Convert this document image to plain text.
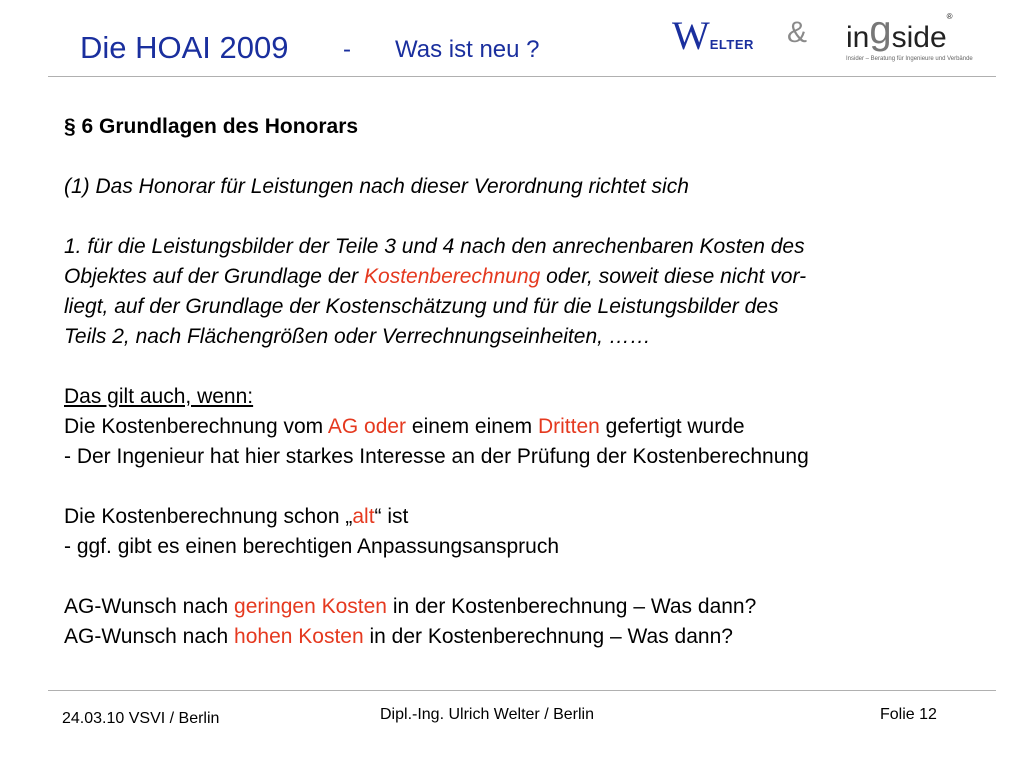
Die HOAI 2009 - Was ist neu ?	WELTER & ingside®
Insider – Beratung für Ingenieure und Verbände
§ 6 Grundlagen des Honorars
(1) Das Honorar für Leistungen nach dieser Verordnung richtet sich
1. für die Leistungsbilder der Teile 3 und 4 nach den anrechenbaren Kosten des
Objektes auf der Grundlage der Kostenberechnung oder, soweit diese nicht vor-
liegt, auf der Grundlage der Kostenschätzung und für die Leistungsbilder des
Teils 2, nach Flächengrößen oder Verrechnungseinheiten, ……
Das gilt auch, wenn:
Die Kostenberechnung vom AG oder einem einem Dritten gefertigt wurde
- Der Ingenieur hat hier starkes Interesse an der Prüfung der Kostenberechnung
Die Kostenberechnung schon „alt“ ist
- ggf. gibt es einen berechtigen Anpassungsanspruch
AG-Wunsch nach geringen Kosten in der Kostenberechnung – Was dann?
AG-Wunsch nach hohen Kosten in der Kostenberechnung – Was dann?
24.03.10 VSVI / Berlin	Dipl.-Ing. Ulrich Welter / Berlin	Folie 12
